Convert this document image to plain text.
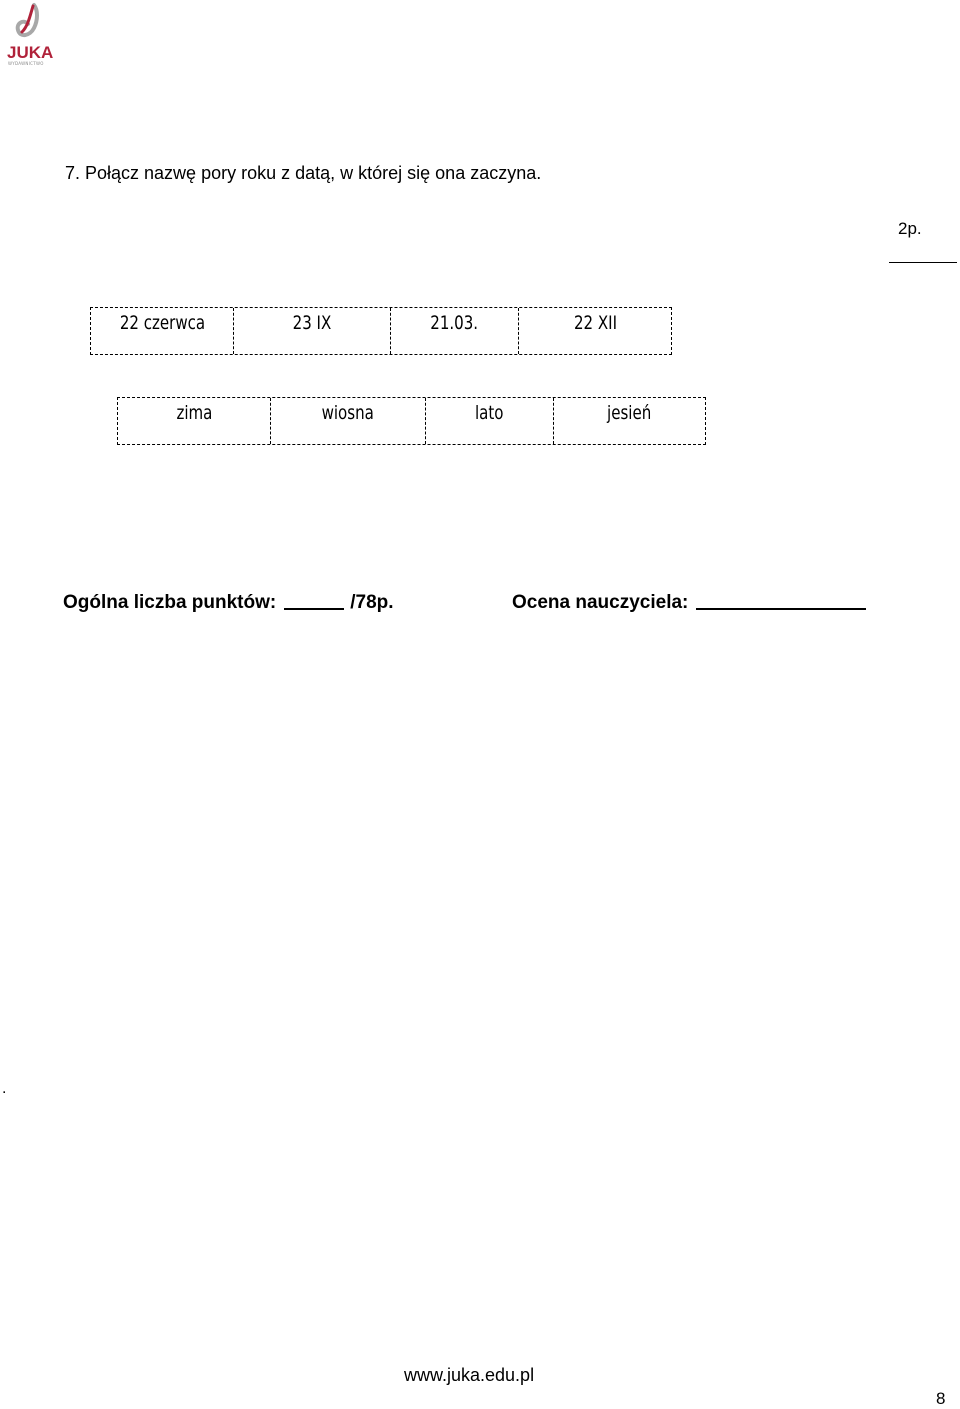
JUKA
WYDAWNICTWO
7. Połącz nazwę pory roku z datą, w której się ona zaczyna.
2p.
22 czerwca	23 IX	21.03.	22 XII
zima	wiosna	lato	jesień
Ogólna liczba punktów:	/78p.	Ocena nauczyciela:
.
www.juka.edu.pl
8
